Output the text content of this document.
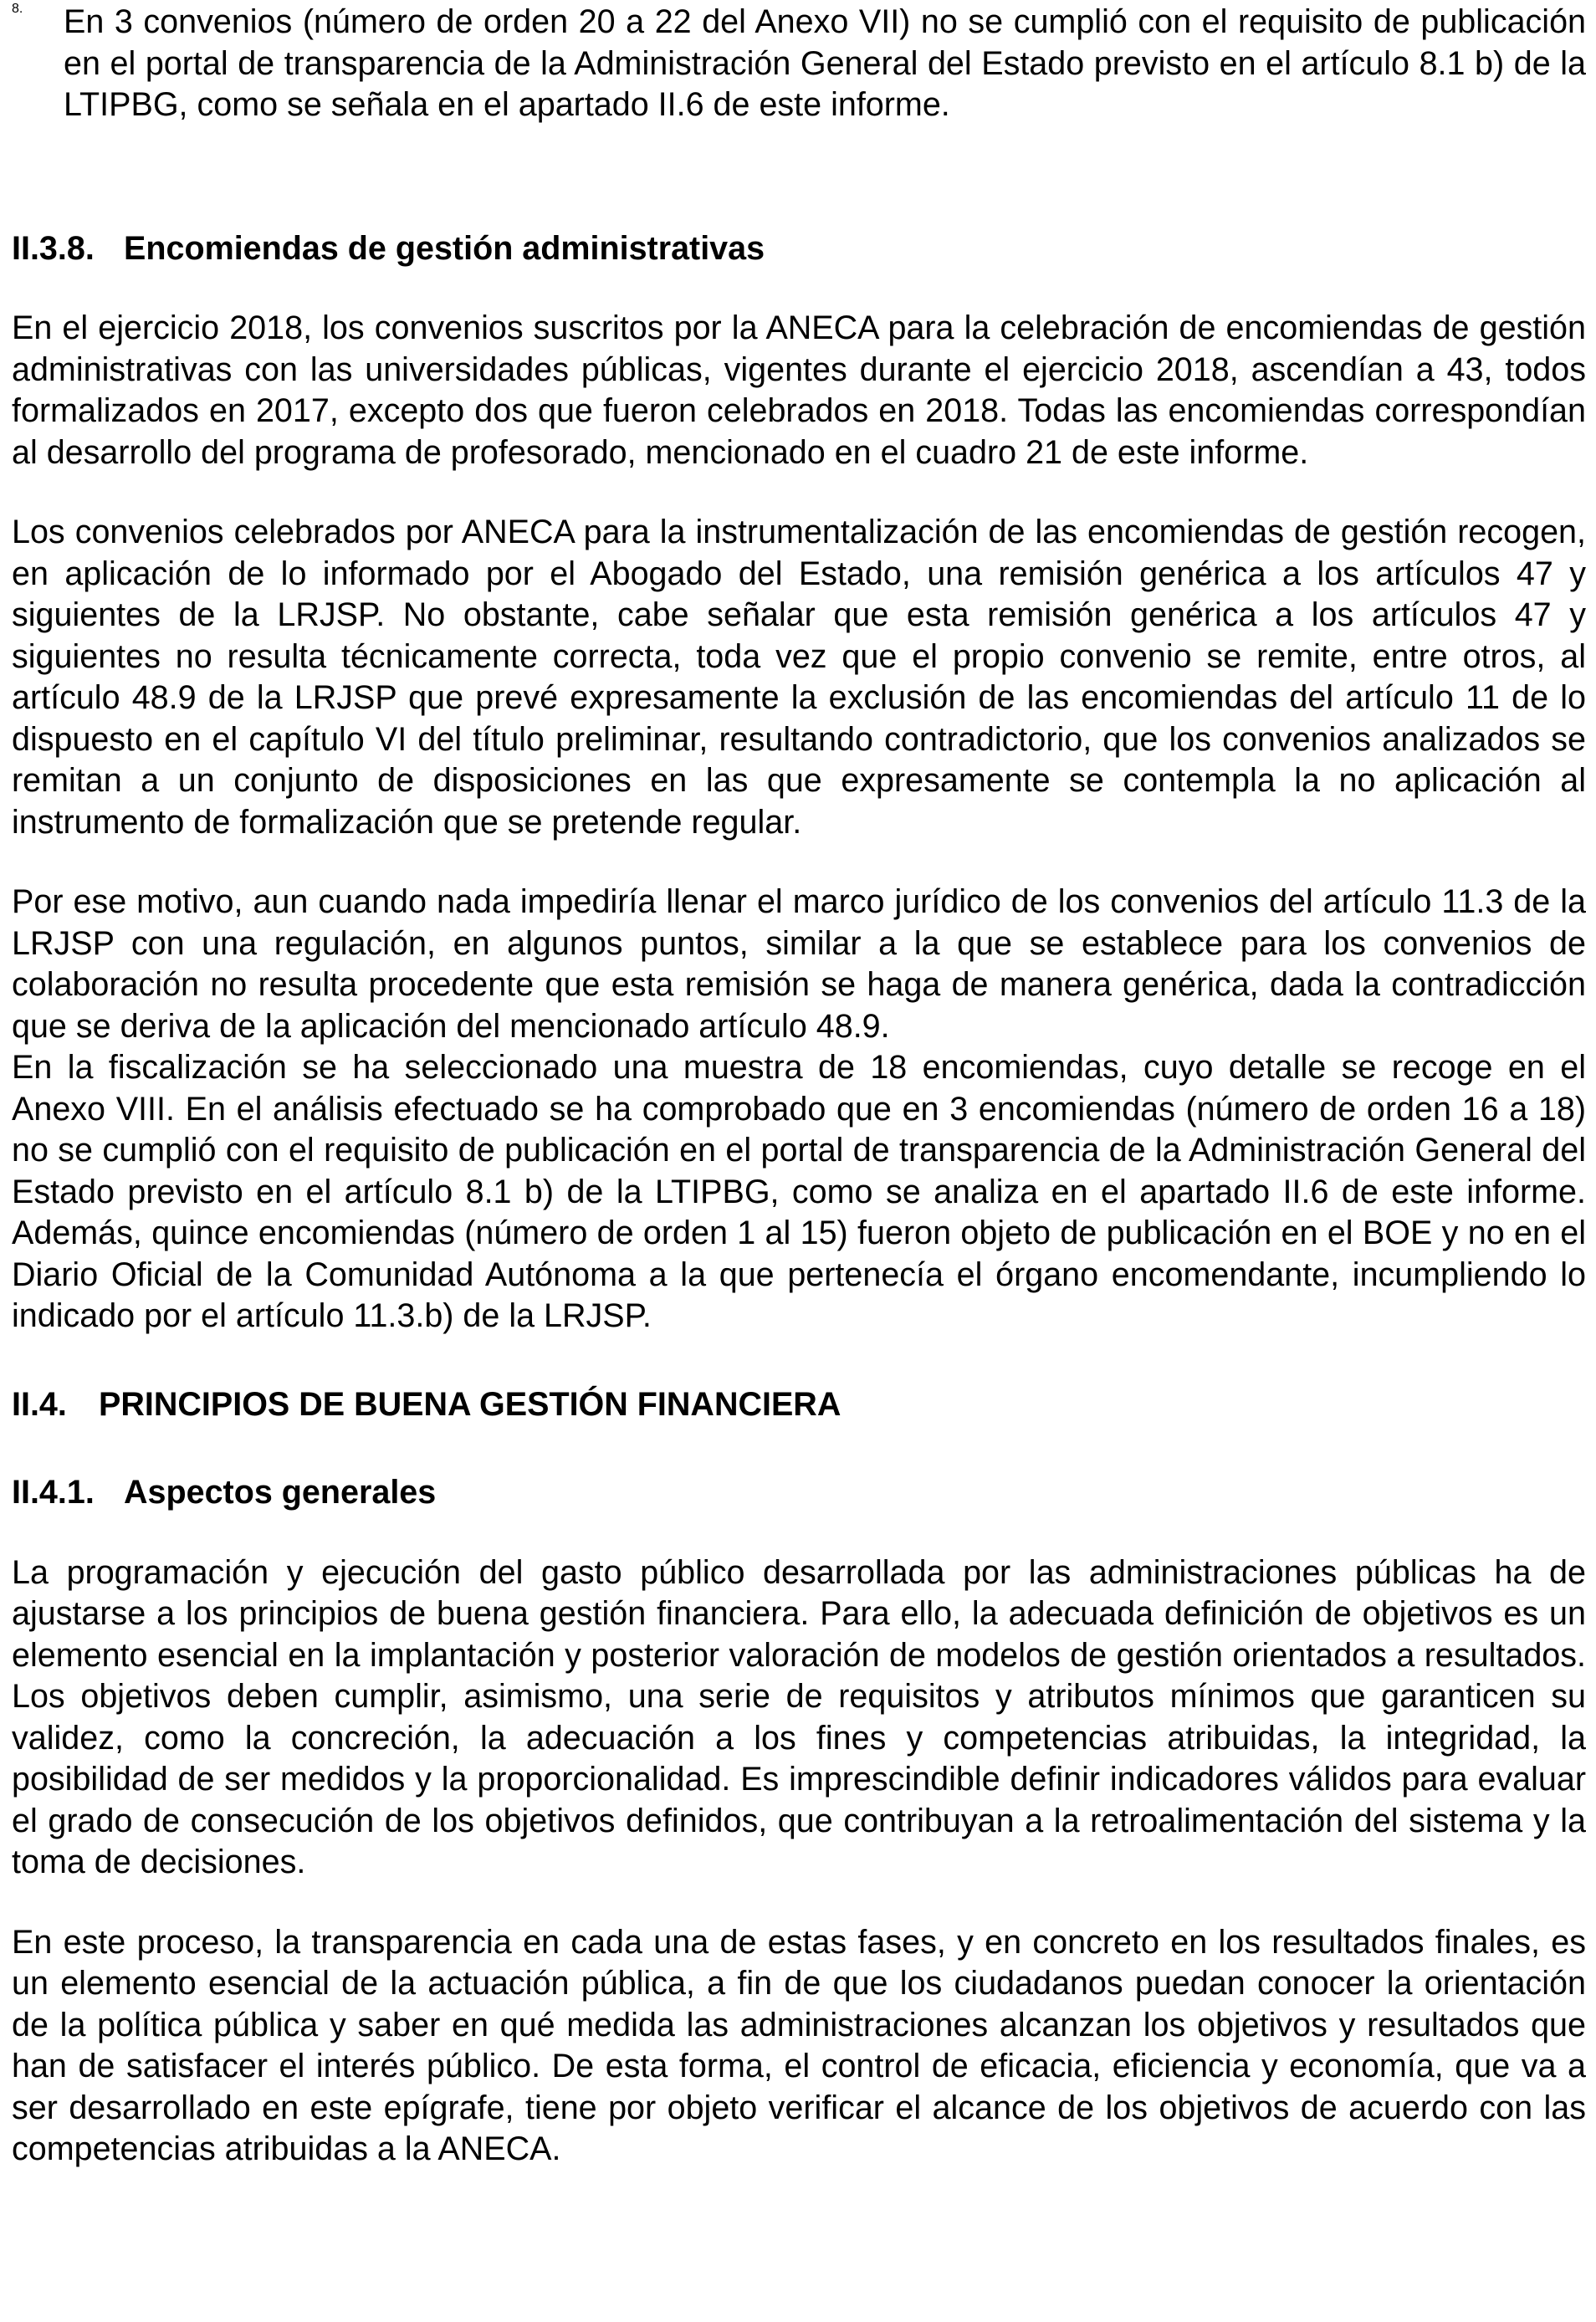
8.	En 3 convenios (número de orden 20 a 22 del Anexo VII) no se cumplió con el requisito de publicación en el portal de transparencia de la Administración General del Estado previsto en el artículo 8.1 b) de la LTIPBG, como se señala en el apartado II.6 de este informe.

II.3.8. Encomiendas de gestión administrativas

En el ejercicio 2018, los convenios suscritos por la ANECA para la celebración de encomiendas de gestión administrativas con las universidades públicas, vigentes durante el ejercicio 2018, ascendían a 43, todos formalizados en 2017, excepto dos que fueron celebrados en 2018. Todas las encomiendas correspondían al desarrollo del programa de profesorado, mencionado en el cuadro 21 de este informe.

Los convenios celebrados por ANECA para la instrumentalización de las encomiendas de gestión recogen, en aplicación de lo informado por el Abogado del Estado, una remisión genérica a los artículos 47 y siguientes de la LRJSP. No obstante, cabe señalar que esta remisión genérica a los artículos 47 y siguientes no resulta técnicamente correcta, toda vez que el propio convenio se remite, entre otros, al artículo 48.9 de la LRJSP que prevé expresamente la exclusión de las encomiendas del artículo 11 de lo dispuesto en el capítulo VI del título preliminar, resultando contradictorio, que los convenios analizados se remitan a un conjunto de disposiciones en las que expresamente se contempla la no aplicación al instrumento de formalización que se pretende regular.

Por ese motivo, aun cuando nada impediría llenar el marco jurídico de los convenios del artículo 11.3 de la LRJSP con una regulación, en algunos puntos, similar a la que se establece para los convenios de colaboración no resulta procedente que esta remisión se haga de manera genérica, dada la contradicción que se deriva de la aplicación del mencionado artículo 48.9.

En la fiscalización se ha seleccionado una muestra de 18 encomiendas, cuyo detalle se recoge en el Anexo VIII. En el análisis efectuado se ha comprobado que en 3 encomiendas (número de orden 16 a 18) no se cumplió con el requisito de publicación en el portal de transparencia de la Administración General del Estado previsto en el artículo 8.1 b) de la LTIPBG, como se analiza en el apartado II.6 de este informe. Además, quince encomiendas (número de orden 1 al 15) fueron objeto de publicación en el BOE y no en el Diario Oficial de la Comunidad Autónoma a la que pertenecía el órgano encomendante, incumpliendo lo indicado por el artículo 11.3.b) de la LRJSP.

II.4. PRINCIPIOS DE BUENA GESTIÓN FINANCIERA
II.4.1. Aspectos generales

La programación y ejecución del gasto público desarrollada por las administraciones públicas ha de ajustarse a los principios de buena gestión financiera. Para ello, la adecuada definición de objetivos es un elemento esencial en la implantación y posterior valoración de modelos de gestión orientados a resultados. Los objetivos deben cumplir, asimismo, una serie de requisitos y atributos mínimos que garanticen su validez, como la concreción, la adecuación a los fines y competencias atribuidas, la integridad, la posibilidad de ser medidos y la proporcionalidad. Es imprescindible definir indicadores válidos para evaluar el grado de consecución de los objetivos definidos, que contribuyan a la retroalimentación del sistema y la toma de decisiones.

En este proceso, la transparencia en cada una de estas fases, y en concreto en los resultados finales, es un elemento esencial de la actuación pública, a fin de que los ciudadanos puedan conocer la orientación de la política pública y saber en qué medida las administraciones alcanzan los objetivos y resultados que han de satisfacer el interés público. De esta forma, el control de eficacia, eficiencia y economía, que va a ser desarrollado en este epígrafe, tiene por objeto verificar el alcance de los objetivos de acuerdo con las competencias atribuidas a la ANECA.
